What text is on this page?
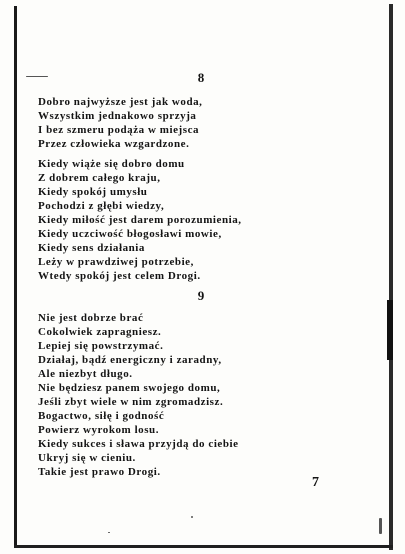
8
Dobro najwyższe jest jak woda,
Wszystkim jednakowo sprzyja
I bez szmeru podąża w miejsca
Przez człowieka wzgardzone.
Kiedy wiąże się dobro domu
Z dobrem całego kraju,
Kiedy spokój umysłu
Pochodzi z głębi wiedzy,
Kiedy miłość jest darem porozumienia,
Kiedy uczciwość błogosławi mowie,
Kiedy sens działania
Leży w prawdziwej potrzebie,
Wtedy spokój jest celem Drogi.
9
Nie jest dobrze brać
Cokolwiek zapragniesz.
Lepiej się powstrzymać.
Działaj, bądź energiczny i zaradny,
Ale niezbyt długo.
Nie będziesz panem swojego domu,
Jeśli zbyt wiele w nim zgromadzisz.
Bogactwo, siłę i godność
Powierz wyrokom losu.
Kiedy sukces i sława przyjdą do ciebie
Ukryj się w cieniu.
Takie jest prawo Drogi.
7
